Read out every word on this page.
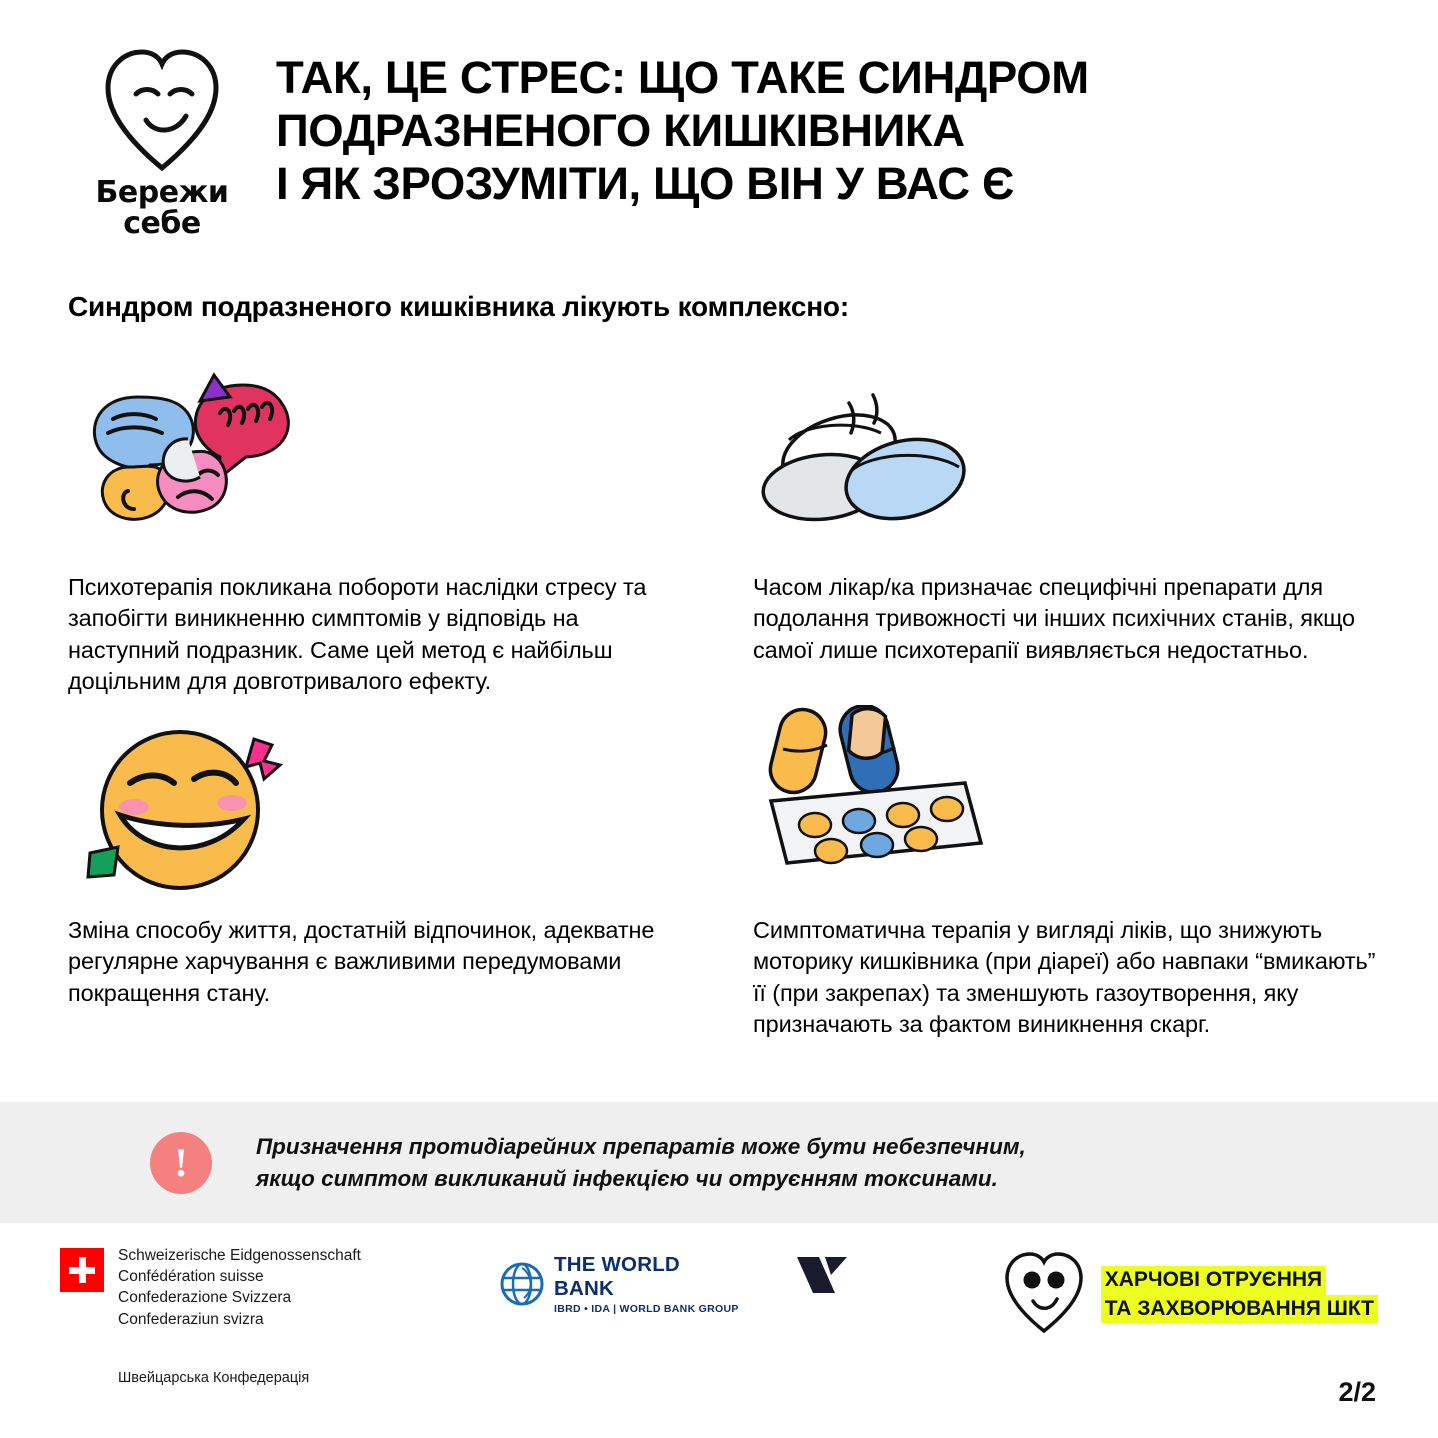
Бережи
себе
ТАК, ЦЕ СТРЕС: ЩО ТАКЕ СИНДРОМ
ПОДРАЗНЕНОГО КИШКІВНИКА
І ЯК ЗРОЗУМІТИ, ЩО ВІН У ВАС Є
Синдром подразненого кишківника лікують комплексно:

Психотерапія покликана побороти наслідки стресу та запобігти виникненню симптомів у відповідь на наступний подразник. Саме цей метод є найбільш доцільним для довготривалого ефекту.

Часом лікар/ка призначає специфічні препарати для подолання тривожності чи інших психічних станів, якщо самої лише психотерапії виявляється недостатньо.

Зміна способу життя, достатній відпочинок, адекватне регулярне харчування є важливими передумовами покращення стану.

Симптоматична терапія у вигляді ліків, що знижують моторику кишківника (при діареї) або навпаки “вмикають” її (при закрепах) та зменшують газоутворення, яку призначають за фактом виникнення скарг.

!	Призначення протидіарейних препаратів може бути небезпечним,
якщо симптом викликаний інфекцією чи отруєнням токсинами.
Schweizerische Eidgenossenschaft
Confédération suisse
Confederazione Svizzera
Confederaziun svizra
Швейцарська Конфедерація
THE WORLD BANK
IBRD • IDA | WORLD BANK GROUP
ХАРЧОВІ ОТРУЄННЯ
ТА ЗАХВОРЮВАННЯ ШКТ
2/2
